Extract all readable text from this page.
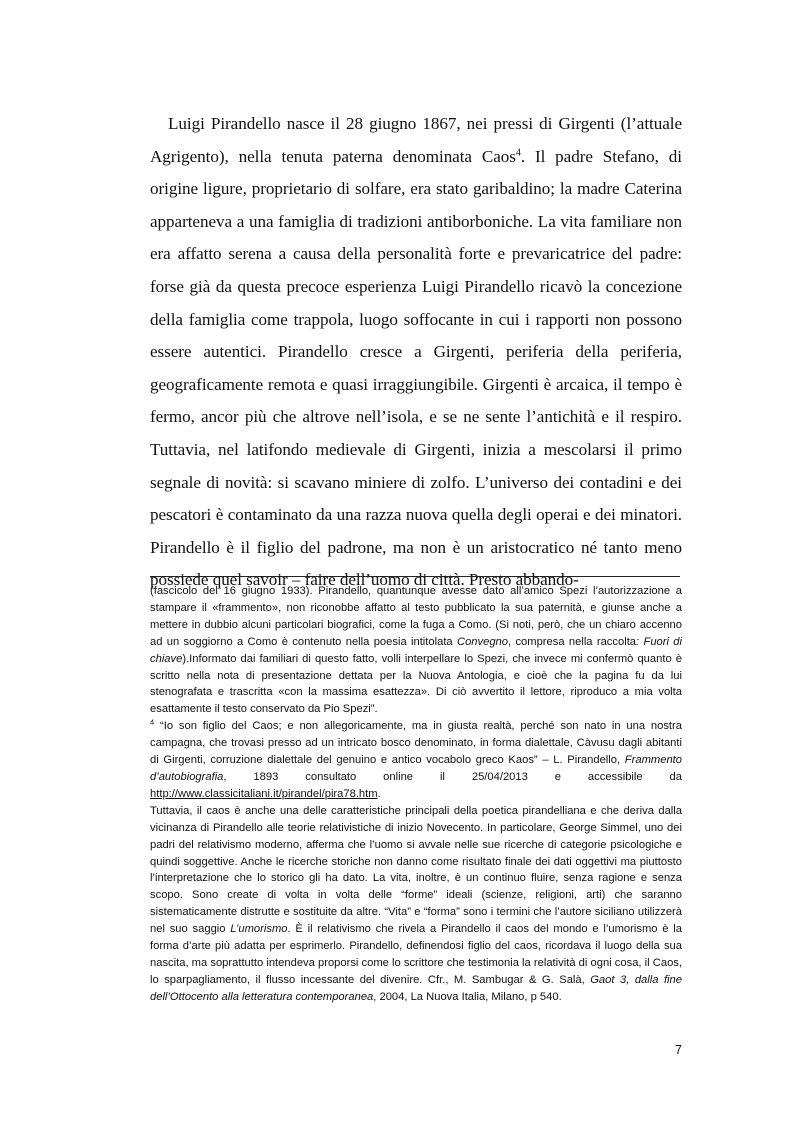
Luigi Pirandello nasce il 28 giugno 1867, nei pressi di Girgenti (l’attuale Agrigento), nella tenuta paterna denominata Caos$^4$. Il padre Stefano, di origine ligure, proprietario di solfare, era stato garibaldino; la madre Caterina apparteneva a una famiglia di tradizioni antiborboniche. La vita familiare non era affatto serena a causa della personalità forte e prevaricatrice del padre: forse già da questa precoce esperienza Luigi Pirandello ricavò la concezione della famiglia come trappola, luogo soffocante in cui i rapporti non possono essere autentici. Pirandello cresce a Girgenti, periferia della periferia, geograficamente remota e quasi irraggiungibile. Girgenti è arcaica, il tempo è fermo, ancor più che altrove nell’isola, e se ne sente l’antichità e il respiro. Tuttavia, nel latifondo medievale di Girgenti, inizia a mescolarsi il primo segnale di novità: si scavano miniere di zolfo. L’universo dei contadini e dei pescatori è contaminato da una razza nuova quella degli operai e dei minatori. Pirandello è il figlio del padrone, ma non è un aristocratico né tanto meno possiede quel savoir – faire dell’uomo di città. Presto abbando-

(fascicolo del 16 giugno 1933). Pirandello, quantunque avesse dato all’amico Spezi l’autorizzazione a stampare il «frammento», non riconobbe affatto al testo pubblicato la sua paternità, e giunse anche a mettere in dubbio alcuni particolari biografici, come la fuga a Como. (Si noti, però, che un chiaro accenno ad un soggiorno a Como è contenuto nella poesia intitolata Convegno, compresa nella raccolta: Fuori di chiave).Informato dai familiari di questo fatto, volli interpellare lo Spezi, che invece mi confermò quanto è scritto nella nota di presentazione dettata per la Nuova Antologia, e cioè che la pagina fu da lui stenografata e trascritta «con la massima esattezza». Di ciò avvertito il lettore, riproduco a mia volta esattamente il testo conservato da Pio Spezi”.

$^4$ “Io son figlio del Caos; e non allegoricamente, ma in giusta realtà, perché son nato in una nostra campagna, che trovasi presso ad un intricato bosco denominato, in forma dialettale, Càvusu dagli abitanti di Girgenti, corruzione dialettale del genuino e antico vocabolo greco Kaos” – L. Pirandello, Frammento d’autobiografia, 1893 consultato online il 25/04/2013 e accessibile da http://www.classicitaliani.it/pirandel/pira78.htm.

Tuttavia, il caos è anche una delle caratteristiche principali della poetica pirandelliana e che deriva dalla vicinanza di Pirandello alle teorie relativistiche di inizio Novecento. In particolare, George Simmel, uno dei padri del relativismo moderno, afferma che l’uomo si avvale nelle sue ricerche di categorie psicologiche e quindi soggettive. Anche le ricerche storiche non danno come risultato finale dei dati oggettivi ma piuttosto l’interpretazione che lo storico gli ha dato. La vita, inoltre, è un continuo fluire, senza ragione e senza scopo. Sono create di volta in volta delle “forme” ideali (scienze, religioni, arti) che saranno sistematicamente distrutte e sostituite da altre. “Vita” e “forma” sono i termini che l’autore siciliano utilizzerà nel suo saggio L’umorismo. È il relativismo che rivela a Pirandello il caos del mondo e l’umorismo è la forma d’arte più adatta per esprimerlo. Pirandello, definendosi figlio del caos, ricordava il luogo della sua nascita, ma soprattutto intendeva proporsi come lo scrittore che testimonia la relatività di ogni cosa, il Caos, lo sparpagliamento, il flusso incessante del divenire. Cfr., M. Sambugar & G. Salà, Gaot 3, dalla fine dell’Ottocento alla letteratura contemporanea, 2004, La Nuova Italia, Milano, p 540.

7
